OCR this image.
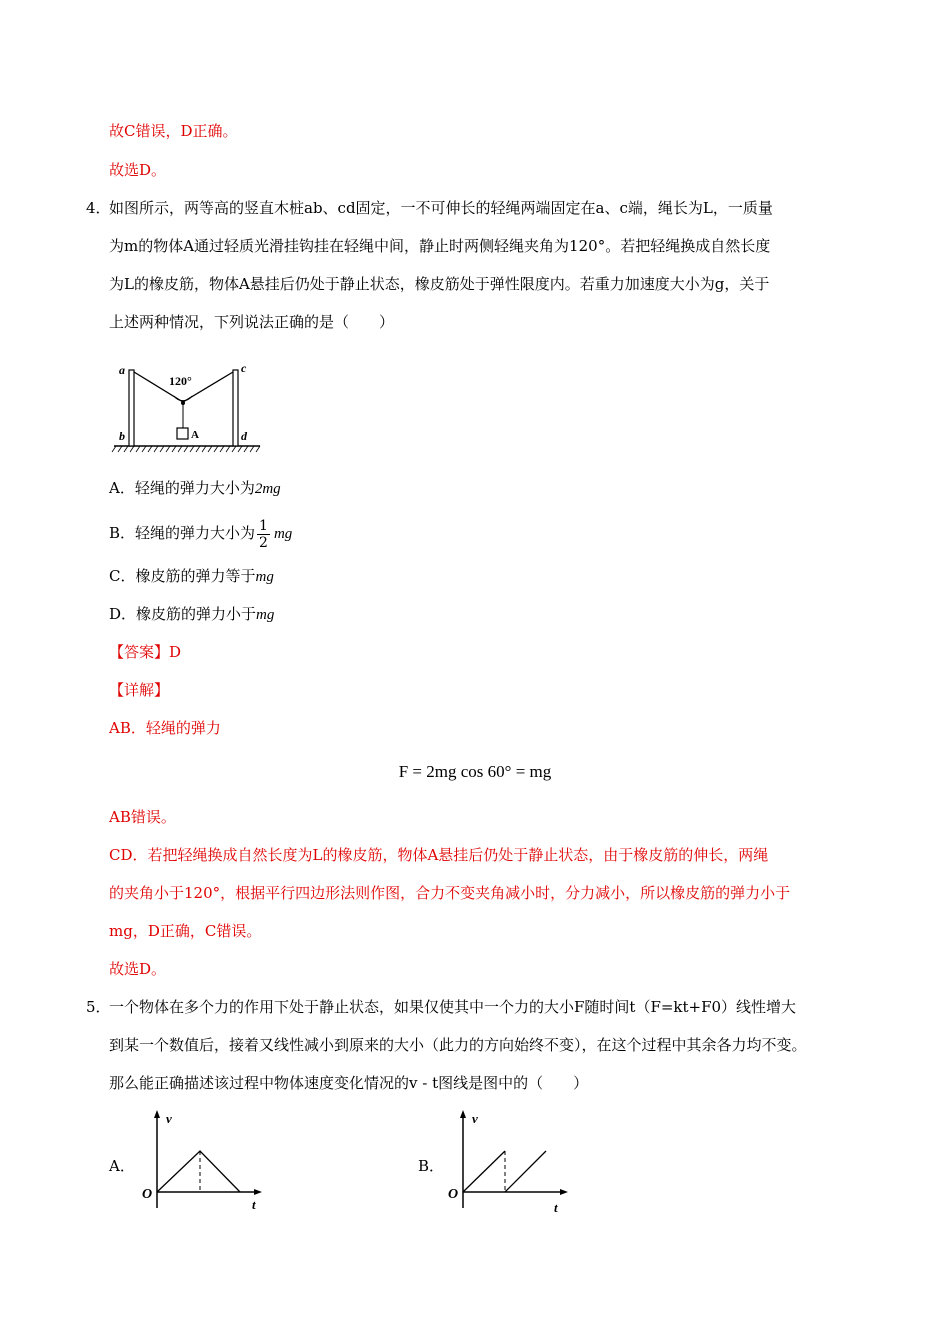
故C错误，D正确。
故选D。
4．
如图所示，两等高的竖直木桩ab、cd固定，一不可伸长的轻绳两端固定在a、c端，绳长为L，一质量
为m的物体A通过轻质光滑挂钩挂在轻绳中间，静止时两侧轻绳夹角为120°。若把轻绳换成自然长度
为L的橡皮筋，物体A悬挂后仍处于静止状态，橡皮筋处于弹性限度内。若重力加速度大小为g，关于
上述两种情况，下列说法正确的是（　　）
A
120°
a
b
c
d
A．轻绳的弹力大小为2mg
B．轻绳的弹力大小为 $\frac{1}{2}$ mg
C．橡皮筋的弹力等于mg
D．橡皮筋的弹力小于mg
【答案】D
【详解】
AB．轻绳的弹力
F = 2mg cos 60° = mg
AB错误。
CD．若把轻绳换成自然长度为L的橡皮筋，物体A悬挂后仍处于静止状态，由于橡皮筋的伸长，两绳
的夹角小于120°，根据平行四边形法则作图，合力不变夹角减小时，分力减小，所以橡皮筋的弹力小于
mg，D正确，C错误。
故选D。
5．
一个物体在多个力的作用下处于静止状态，如果仅使其中一个力的大小F随时间t（F=kt+F0）线性增大
到某一个数值后，接着又线性减小到原来的大小（此力的方向始终不变），在这个过程中其余各力均不变。
那么能正确描述该过程中物体速度变化情况的v - t图线是图中的（　　）
A．	B．
v
t
O
v
t
O
